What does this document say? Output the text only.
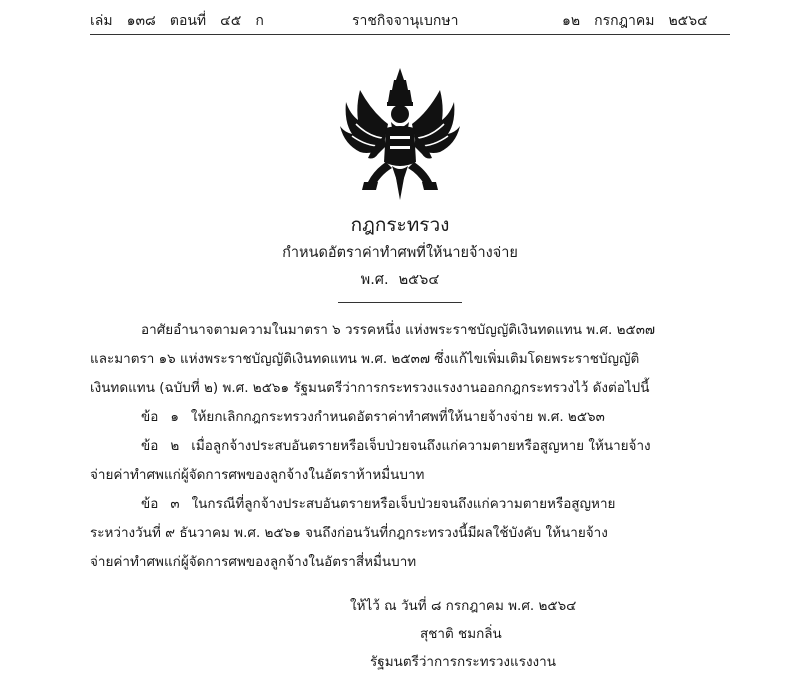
เล่ม ๑๓๘ ตอนที่ ๔๕ ก	ราชกิจจานุเบกษา	๑๒ กรกฎาคม ๒๕๖๔
กฎกระทรวง
กำหนดอัตราค่าทำศพที่ให้นายจ้างจ่าย
พ.ศ. ๒๕๖๔
อาศัยอำนาจตามความในมาตรา ๖ วรรคหนึ่ง แห่งพระราชบัญญัติเงินทดแทน พ.ศ. ๒๕๓๗
และมาตรา ๑๖ แห่งพระราชบัญญัติเงินทดแทน พ.ศ. ๒๕๓๗ ซึ่งแก้ไขเพิ่มเติมโดยพระราชบัญญัติ
เงินทดแทน (ฉบับที่ ๒) พ.ศ. ๒๕๖๑ รัฐมนตรีว่าการกระทรวงแรงงานออกกฎกระทรวงไว้ ดังต่อไปนี้
ข้อ ๑ ให้ยกเลิกกฎกระทรวงกำหนดอัตราค่าทำศพที่ให้นายจ้างจ่าย พ.ศ. ๒๕๖๓
ข้อ ๒ เมื่อลูกจ้างประสบอันตรายหรือเจ็บป่วยจนถึงแก่ความตายหรือสูญหาย ให้นายจ้าง
จ่ายค่าทำศพแก่ผู้จัดการศพของลูกจ้างในอัตราห้าหมื่นบาท
ข้อ ๓ ในกรณีที่ลูกจ้างประสบอันตรายหรือเจ็บป่วยจนถึงแก่ความตายหรือสูญหาย
ระหว่างวันที่ ๙ ธันวาคม พ.ศ. ๒๕๖๑ จนถึงก่อนวันที่กฎกระทรวงนี้มีผลใช้บังคับ ให้นายจ้าง
จ่ายค่าทำศพแก่ผู้จัดการศพของลูกจ้างในอัตราสี่หมื่นบาท
ให้ไว้ ณ วันที่ ๘ กรกฎาคม พ.ศ. ๒๕๖๔
สุชาติ ชมกลิ่น
รัฐมนตรีว่าการกระทรวงแรงงาน
